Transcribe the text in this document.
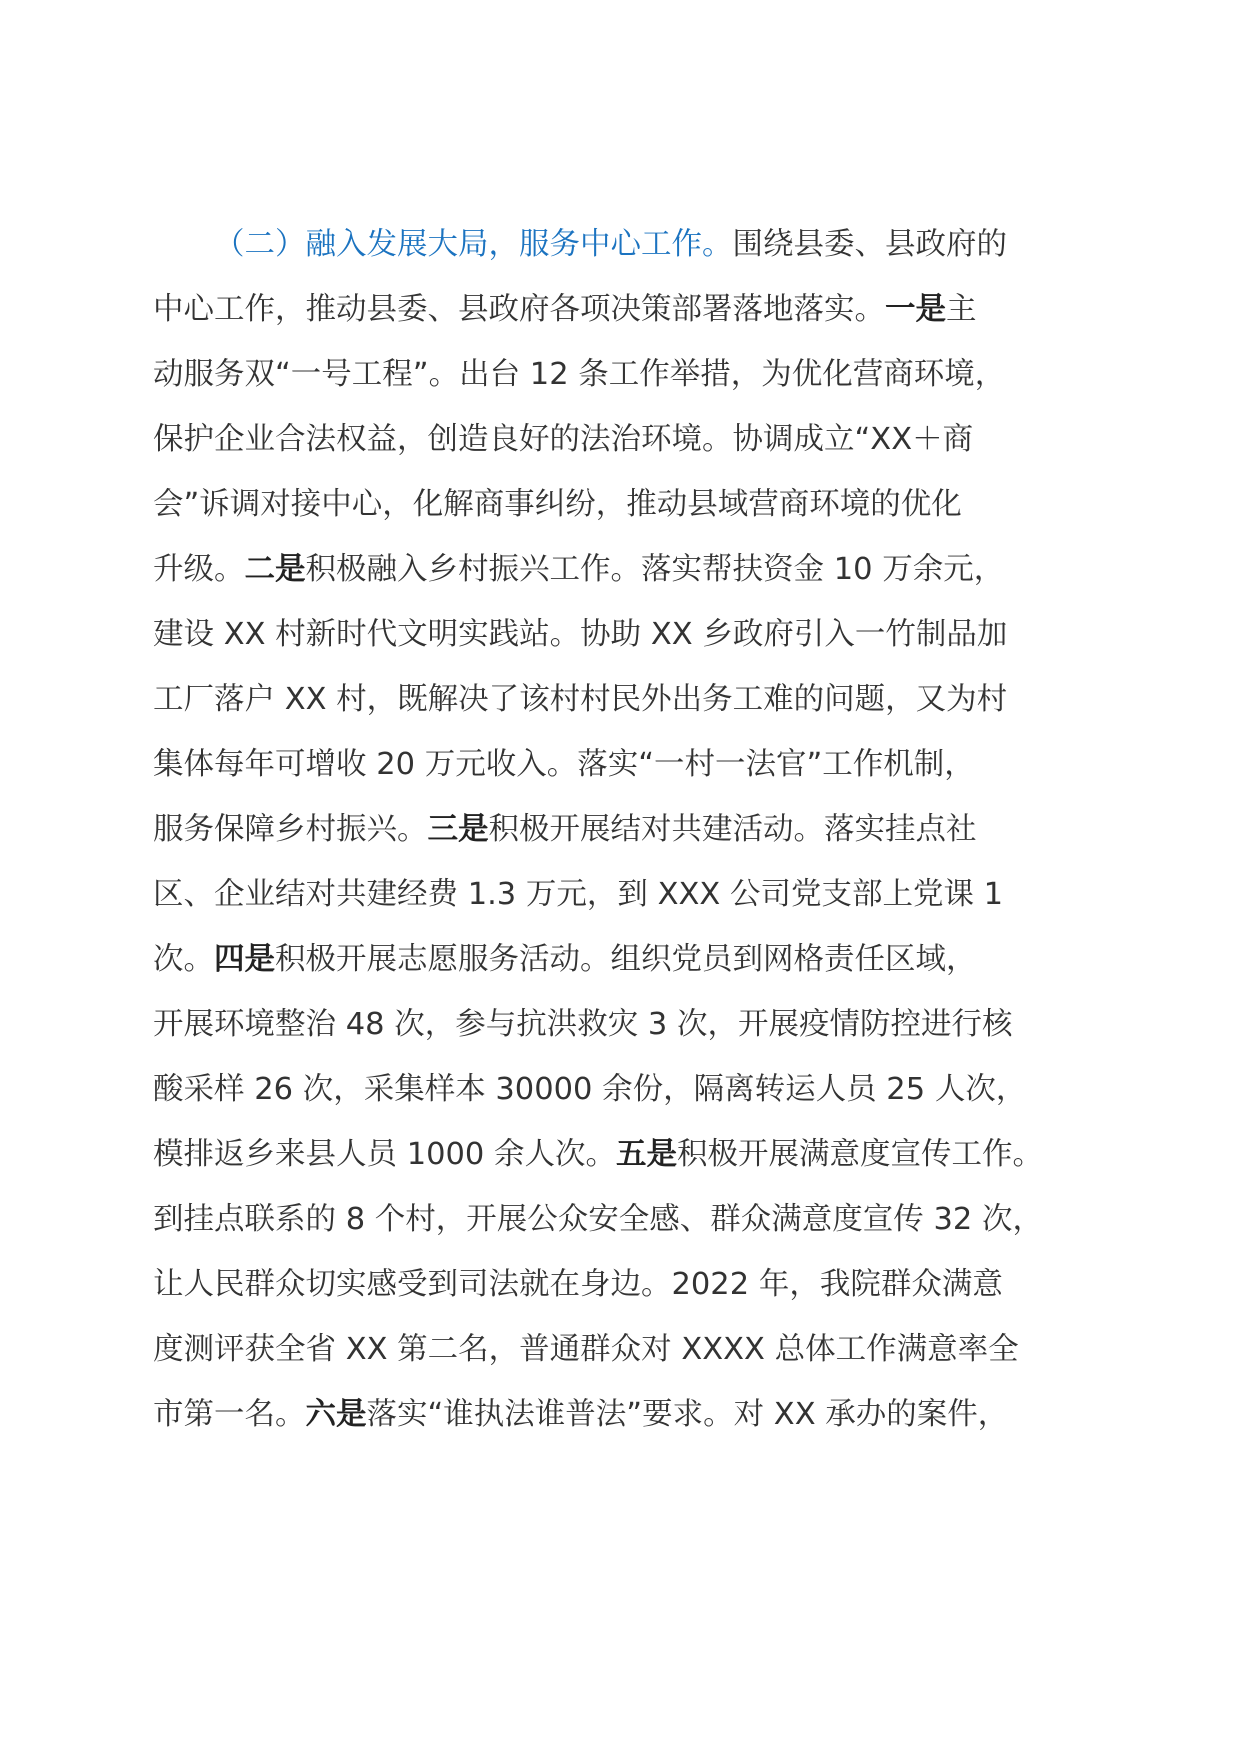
（二）融入发展大局，服务中心工作。围绕县委、县政府的
中心工作，推动县委、县政府各项决策部署落地落实。一是主
动服务双“一号工程”。出台 12 条工作举措，为优化营商环境，
保护企业合法权益，创造良好的法治环境。协调成立“XX＋商
会”诉调对接中心，化解商事纠纷，推动县域营商环境的优化
升级。二是积极融入乡村振兴工作。落实帮扶资金 10 万余元，
建设 XX 村新时代文明实践站。协助 XX 乡政府引入一竹制品加
工厂落户 XX 村，既解决了该村村民外出务工难的问题，又为村
集体每年可增收 20 万元收入。落实“一村一法官”工作机制，
服务保障乡村振兴。三是积极开展结对共建活动。落实挂点社
区、企业结对共建经费 1.3 万元，到 XXX 公司党支部上党课 1
次。四是积极开展志愿服务活动。组织党员到网格责任区域，
开展环境整治 48 次，参与抗洪救灾 3 次，开展疫情防控进行核
酸采样 26 次，采集样本 30000 余份，隔离转运人员 25 人次，
模排返乡来县人员 1000 余人次。五是积极开展满意度宣传工作。
到挂点联系的 8 个村，开展公众安全感、群众满意度宣传 32 次，
让人民群众切实感受到司法就在身边。2022 年，我院群众满意
度测评获全省 XX 第二名，普通群众对 XXXX 总体工作满意率全
市第一名。六是落实“谁执法谁普法”要求。对 XX 承办的案件，
